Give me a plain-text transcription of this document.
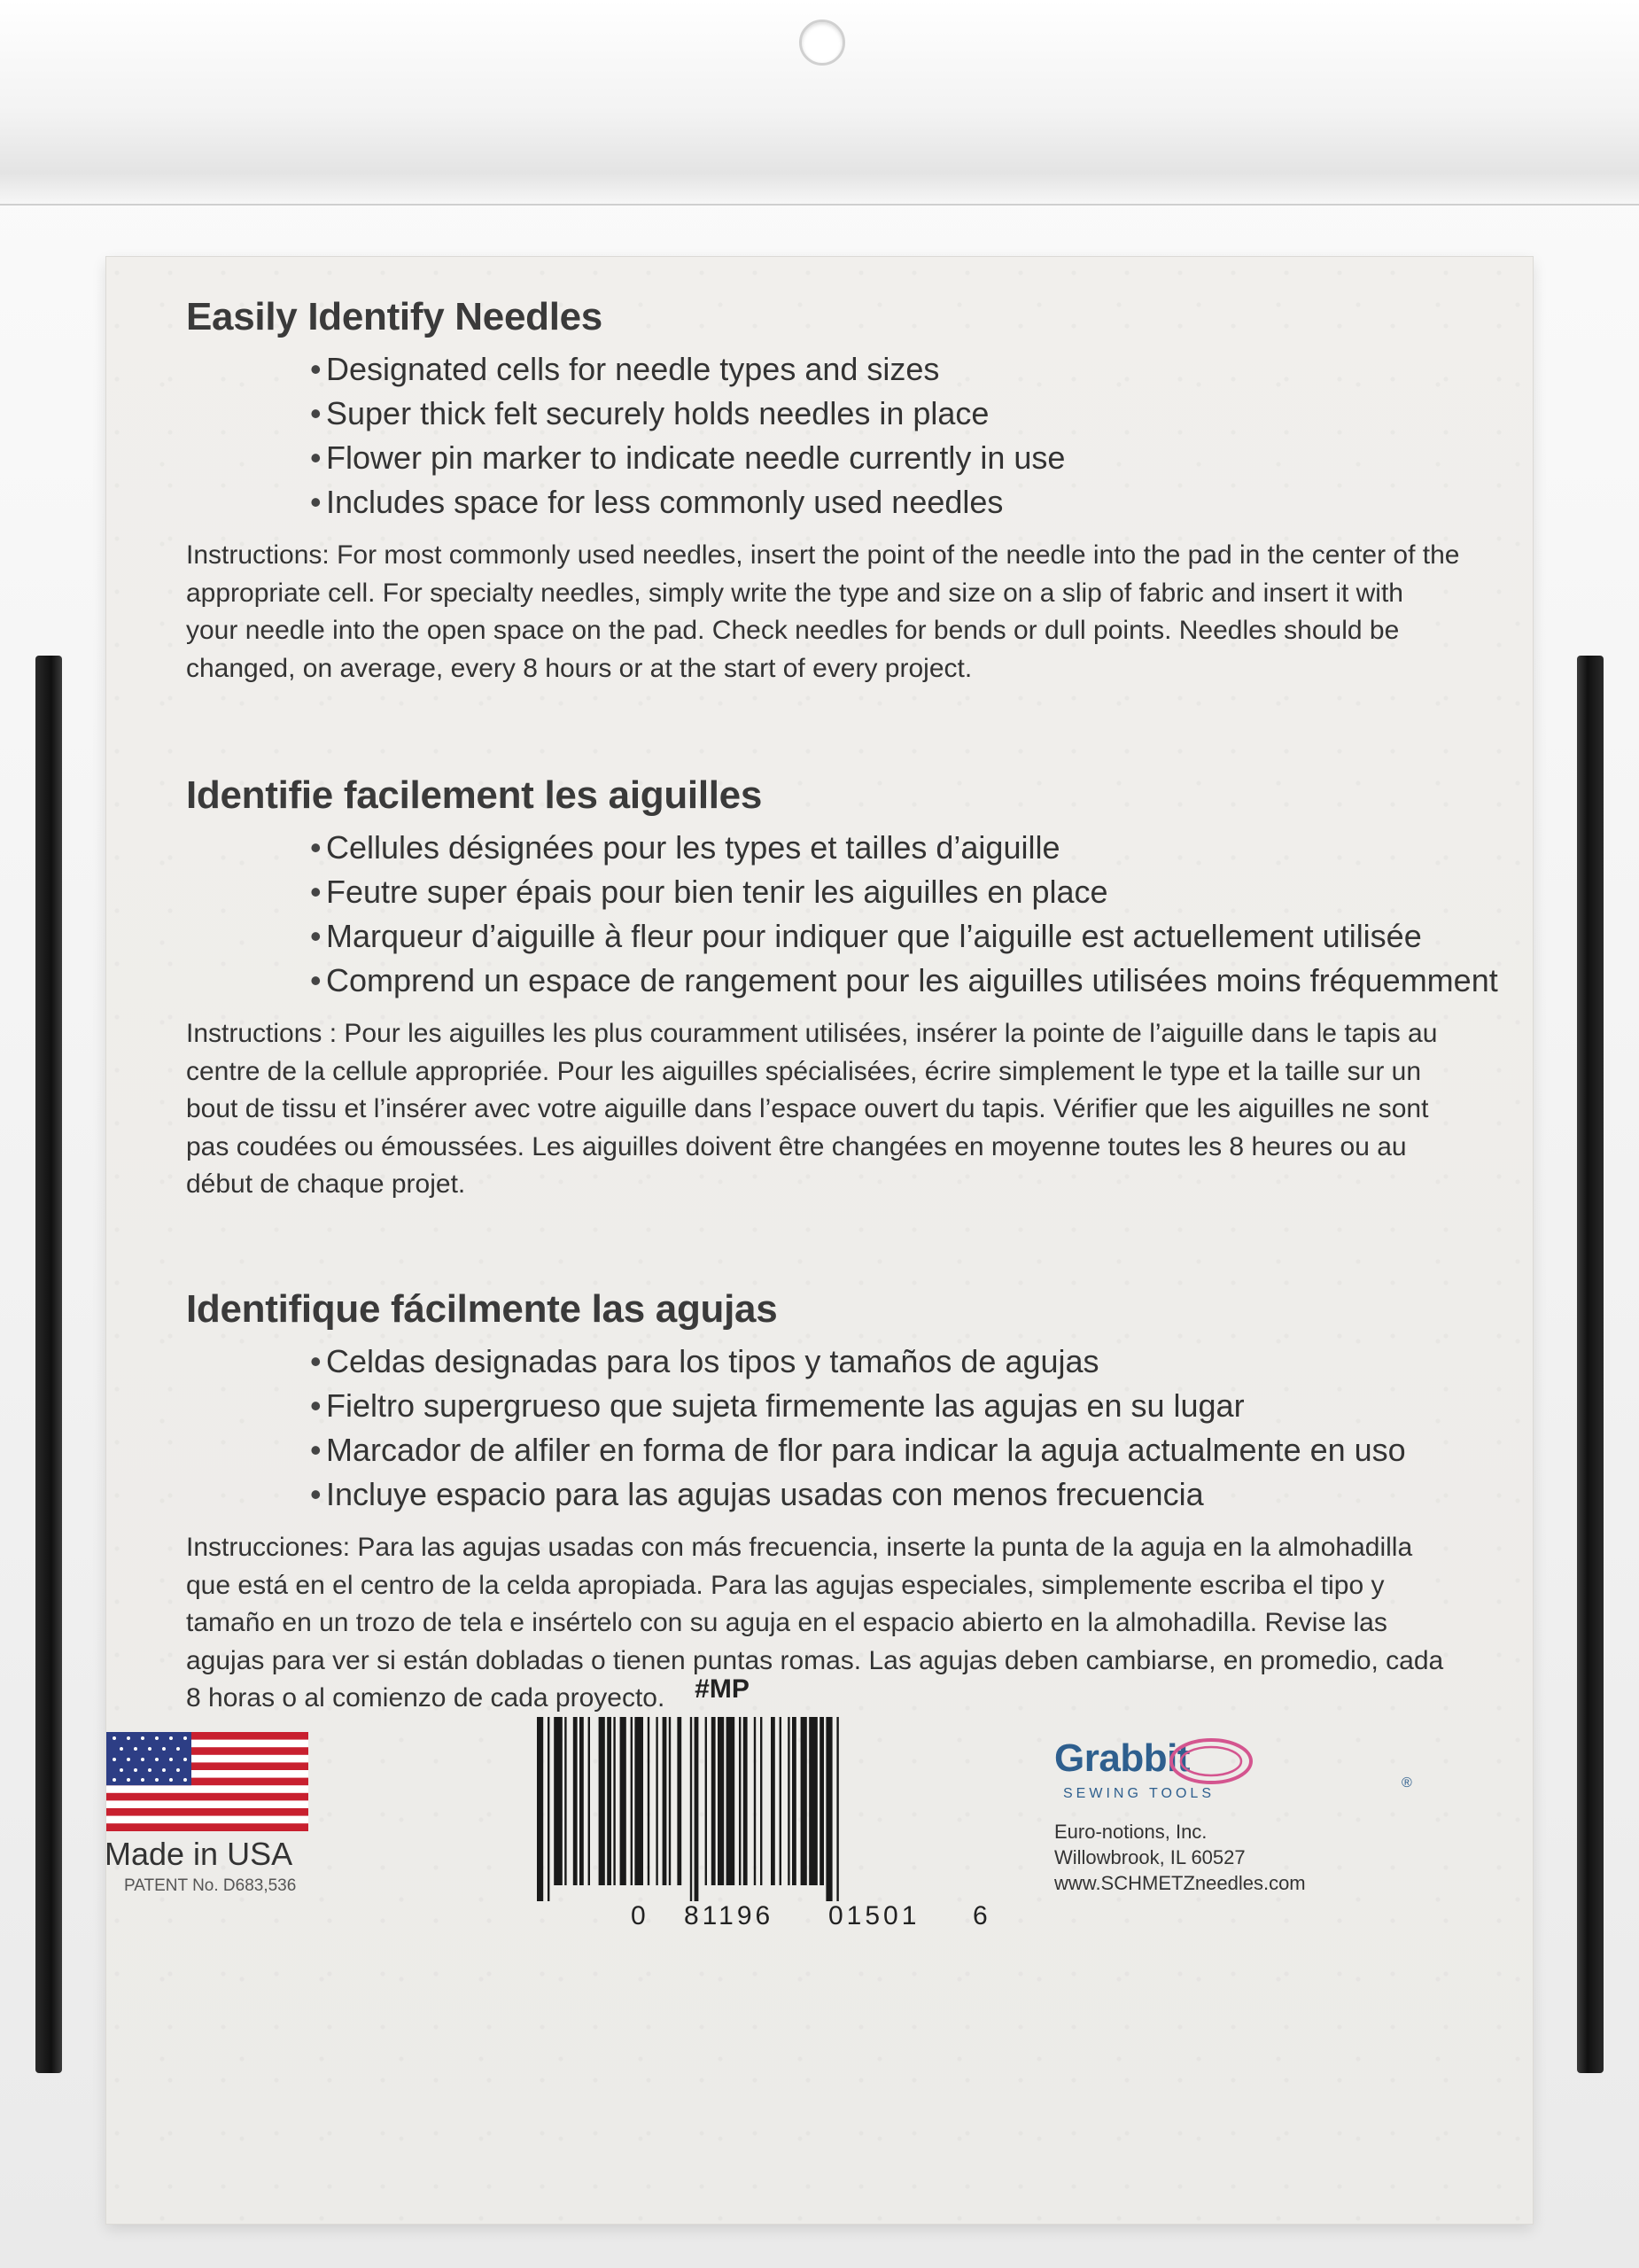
Easily Identify Needles
• Designated cells for needle types and sizes
• Super thick felt securely holds needles in place
• Flower pin marker to indicate needle currently in use
• Includes space for less commonly used needles

Instructions: For most commonly used needles, insert the point of the needle into the pad in the center of the appropriate cell. For specialty needles, simply write the type and size on a slip of fabric and insert it with your needle into the open space on the pad. Check needles for bends or dull points. Needles should be changed, on average, every 8 hours or at the start of every project.

Identifie facilement les aiguilles
• Cellules désignées pour les types et tailles d’aiguille
• Feutre super épais pour bien tenir les aiguilles en place
• Marqueur d’aiguille à fleur pour indiquer que l’aiguille est actuellement utilisée
• Comprend un espace de rangement pour les aiguilles utilisées moins fréquemment

Instructions : Pour les aiguilles les plus couramment utilisées, insérer la pointe de l’aiguille dans le tapis au centre de la cellule appropriée. Pour les aiguilles spécialisées, écrire simplement le type et la taille sur un bout de tissu et l’insérer avec votre aiguille dans l’espace ouvert du tapis. Vérifier que les aiguilles ne sont pas coudées ou émoussées. Les aiguilles doivent être changées en moyenne toutes les 8 heures ou au début de chaque projet.

Identifique fácilmente las agujas
• Celdas designadas para los tipos y tamaños de agujas
• Fieltro supergrueso que sujeta firmemente las agujas en su lugar
• Marcador de alfiler en forma de flor para indicar la aguja actualmente en uso
• Incluye espacio para las agujas usadas con menos frecuencia

Instrucciones: Para las agujas usadas con más frecuencia, inserte la punta de la aguja en la almohadilla que está en el centro de la celda apropiada. Para las agujas especiales, simplemente escriba el tipo y tamaño en un trozo de tela e insértelo con su aguja en el espacio abierto en la almohadilla. Revise las agujas para ver si están dobladas o tienen puntas romas. Las agujas deben cambiarse, en promedio, cada 8 horas o al comienzo de cada proyecto.

Made in USA
PATENT No. D683,536
#MP
0 81196 01501 6
Grabbit
®
SEWING TOOLS
Euro-notions, Inc.
Willowbrook, IL 60527
www.SCHMETZneedles.com
